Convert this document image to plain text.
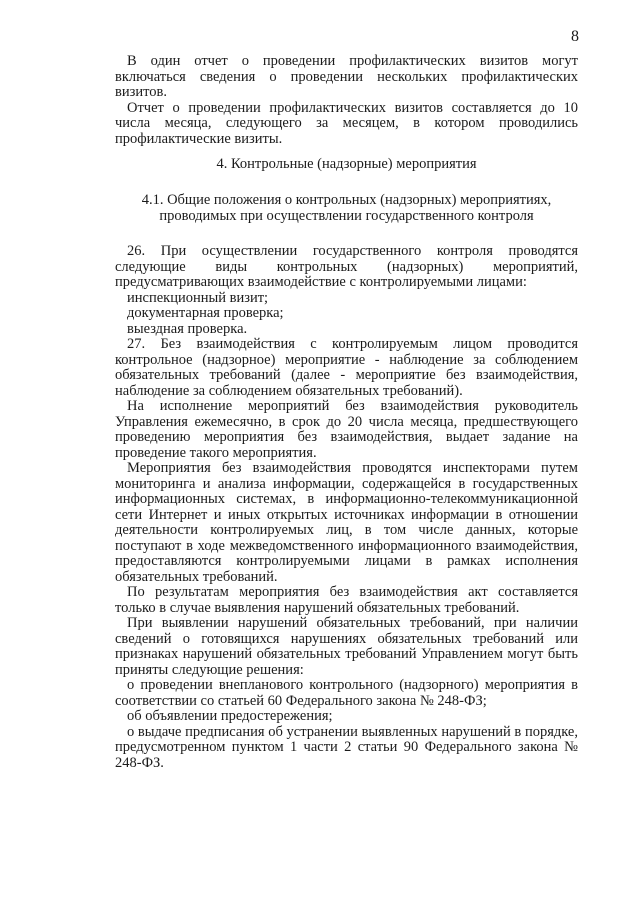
8

В один отчет о проведении профилактических визитов могут включаться сведения о проведении нескольких профилактических визитов.

Отчет о проведении профилактических визитов составляется до 10 числа месяца, следующего за месяцем, в котором проводились профилактические визиты.

4. Контрольные (надзорные) мероприятия

4.1. Общие положения о контрольных (надзорных) мероприятиях,

проводимых при осуществлении государственного контроля

26. При осуществлении государственного контроля проводятся следующие виды контрольных (надзорных) мероприятий, предусматривающих взаимодействие с контролируемыми лицами:

инспекционный визит;

документарная проверка;

выездная проверка.

27. Без взаимодействия с контролируемым лицом проводится контрольное (надзорное) мероприятие - наблюдение за соблюдением обязательных требований (далее - мероприятие без взаимодействия, наблюдение за соблюдением обязательных требований).

На исполнение мероприятий без взаимодействия руководитель Управления ежемесячно, в срок до 20 числа месяца, предшествующего проведению мероприятия без взаимодействия, выдает задание на проведение такого мероприятия.

Мероприятия без взаимодействия проводятся инспекторами путем мониторинга и анализа информации, содержащейся в государственных информационных системах, в информационно-телекоммуникационной сети Интернет и иных открытых источниках информации в отношении деятельности контролируемых лиц, в том числе данных, которые поступают в ходе межведомственного информационного взаимодействия, предоставляются контролируемыми лицами в рамках исполнения обязательных требований.

По результатам мероприятия без взаимодействия акт составляется только в случае выявления нарушений обязательных требований.

При выявлении нарушений обязательных требований, при наличии сведений о готовящихся нарушениях обязательных требований или признаках нарушений обязательных требований Управлением могут быть приняты следующие решения:

о проведении внепланового контрольного (надзорного) мероприятия в соответствии со статьей 60 Федерального закона № 248-ФЗ;

об объявлении предостережения;

о выдаче предписания об устранении выявленных нарушений в порядке, предусмотренном пунктом 1 части 2 статьи 90 Федерального закона № 248-ФЗ.
